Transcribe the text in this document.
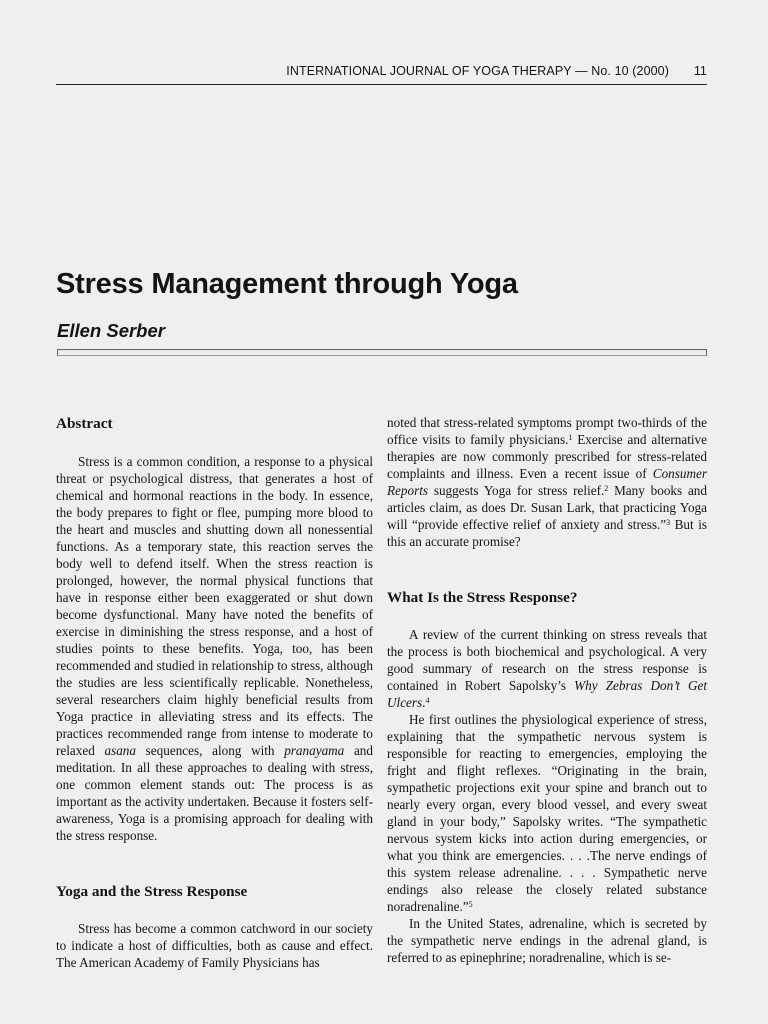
INTERNATIONAL JOURNAL OF YOGA THERAPY — No. 10 (2000) 11
Stress Management through Yoga
Ellen Serber
Abstract

Stress is a common condition, a response to a physical threat or psychological distress, that generates a host of chemical and hormonal reactions in the body. In essence, the body prepares to fight or flee, pumping more blood to the heart and muscles and shutting down all nonessential functions. As a temporary state, this reaction serves the body well to defend itself. When the stress reaction is prolonged, however, the normal physical functions that have in response either been exaggerated or shut down become dysfunctional. Many have noted the benefits of exercise in diminishing the stress response, and a host of studies points to these benefits. Yoga, too, has been recommended and studied in relationship to stress, although the studies are less scientifically replicable. Nonetheless, several researchers claim highly beneficial results from Yoga practice in alleviating stress and its effects. The practices recommended range from intense to moderate to relaxed asana sequences, along with pranayama and meditation. In all these approaches to dealing with stress, one common element stands out: The process is as important as the activity undertaken. Because it fosters self-awareness, Yoga is a promising approach for dealing with the stress response.

Yoga and the Stress Response

Stress has become a common catchword in our society to indicate a host of difficulties, both as cause and effect. The American Academy of Family Physicians has

noted that stress-related symptoms prompt two-thirds of the office visits to family physicians.$^1$ Exercise and alternative therapies are now commonly prescribed for stress-related complaints and illness. Even a recent issue of Consumer Reports suggests Yoga for stress relief.$^2$ Many books and articles claim, as does Dr. Susan Lark, that practicing Yoga will “provide effective relief of anxiety and stress.”$^3$ But is this an accurate promise?

What Is the Stress Response?

A review of the current thinking on stress reveals that the process is both biochemical and psychological. A very good summary of research on the stress response is contained in Robert Sapolsky’s Why Zebras Don’t Get Ulcers.$^4$

He first outlines the physiological experience of stress, explaining that the sympathetic nervous system is responsible for reacting to emergencies, employing the fright and flight reflexes. “Originating in the brain, sympathetic projections exit your spine and branch out to nearly every organ, every blood vessel, and every sweat gland in your body,” Sapolsky writes. “The sympathetic nervous system kicks into action during emergencies, or what you think are emergencies. . . .The nerve endings of this system release adrenaline. . . . Sympathetic nerve endings also release the closely related substance noradrenaline.”$^5$

In the United States, adrenaline, which is secreted by the sympathetic nerve endings in the adrenal gland, is referred to as epinephrine; noradrenaline, which is se-
